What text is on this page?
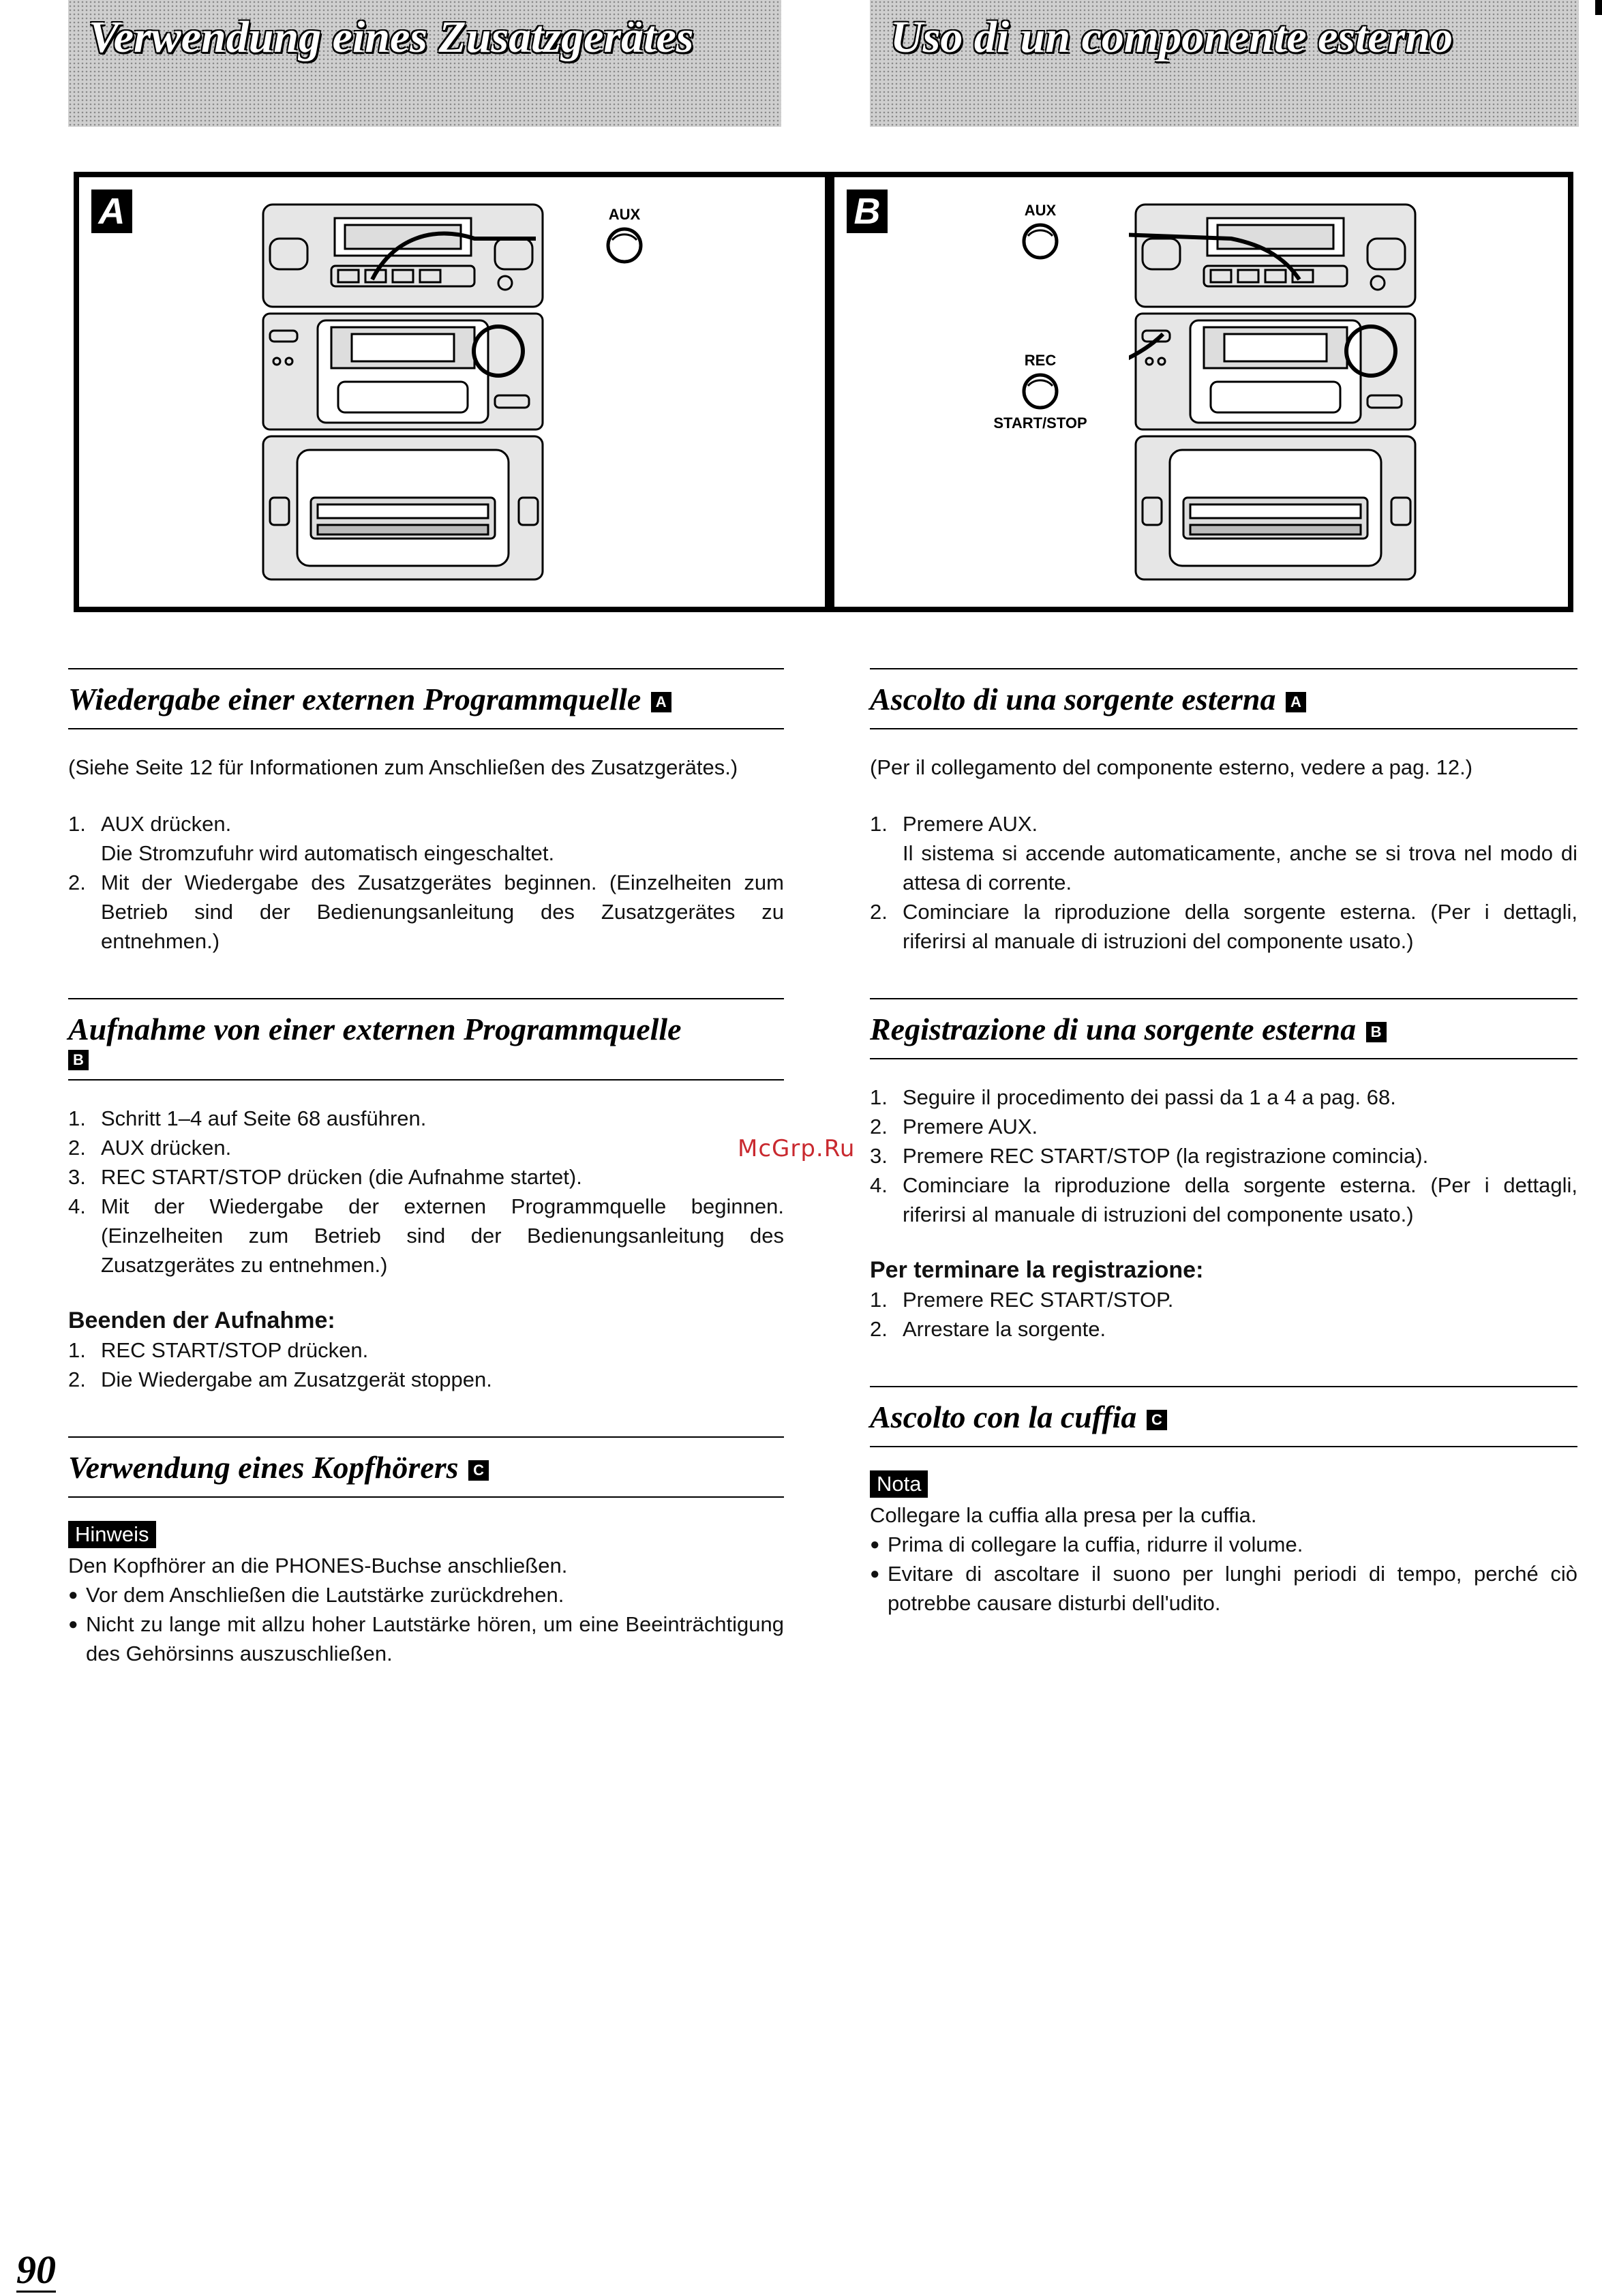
Verwendung eines Zusatzgerätes	Uso di un componente esterno
A	B
AUX	AUX
REC
START/STOP
Wiedergabe einer externen Programmquelle A

(Siehe Seite 12 für Informationen zum Anschließen des Zusatzgerätes.)

1. AUX drücken.
Die Stromzufuhr wird automatisch eingeschaltet.
2. Mit der Wiedergabe des Zusatzgerätes beginnen. (Einzelheiten zum Betrieb sind der Bedienungsanleitung des Zusatzgerätes zu entnehmen.)
Aufnahme von einer externen Programmquelle
B
1. Schritt 1–4 auf Seite 68 ausführen.
2. AUX drücken.
3. REC START/STOP drücken (die Aufnahme startet).
4. Mit der Wiedergabe der externen Programmquelle beginnen. (Einzelheiten zum Betrieb sind der Bedienungsanleitung des Zusatzgerätes zu entnehmen.)
Beenden der Aufnahme:
1. REC START/STOP drücken.
2. Die Wiedergabe am Zusatzgerät stoppen.
Verwendung eines Kopfhörers C
Hinweis
Den Kopfhörer an die PHONES-Buchse anschließen.
● Vor dem Anschließen die Lautstärke zurückdrehen.
● Nicht zu lange mit allzu hoher Lautstärke hören, um eine Beeinträchtigung des Gehörsinns auszuschließen.
Ascolto di una sorgente esterna A

(Per il collegamento del componente esterno, vedere a pag. 12.)

1. Premere AUX.
Il sistema si accende automaticamente, anche se si trova nel modo di attesa di corrente.
2. Cominciare la riproduzione della sorgente esterna. (Per i dettagli, riferirsi al manuale di istruzioni del componente usato.)
Registrazione di una sorgente esterna B
1. Seguire il procedimento dei passi da 1 a 4 a pag. 68.
2. Premere AUX.
3. Premere REC START/STOP (la registrazione comincia).
4. Cominciare la riproduzione della sorgente esterna. (Per i dettagli, riferirsi al manuale di istruzioni del componente usato.)
Per terminare la registrazione:
1. Premere REC START/STOP.
2. Arrestare la sorgente.
Ascolto con la cuffia C
Nota
Collegare la cuffia alla presa per la cuffia.
● Prima di collegare la cuffia, ridurre il volume.
● Evitare di ascoltare il suono per lunghi periodi di tempo, perché ciò potrebbe causare disturbi dell'udito.
McGrp.Ru
90
